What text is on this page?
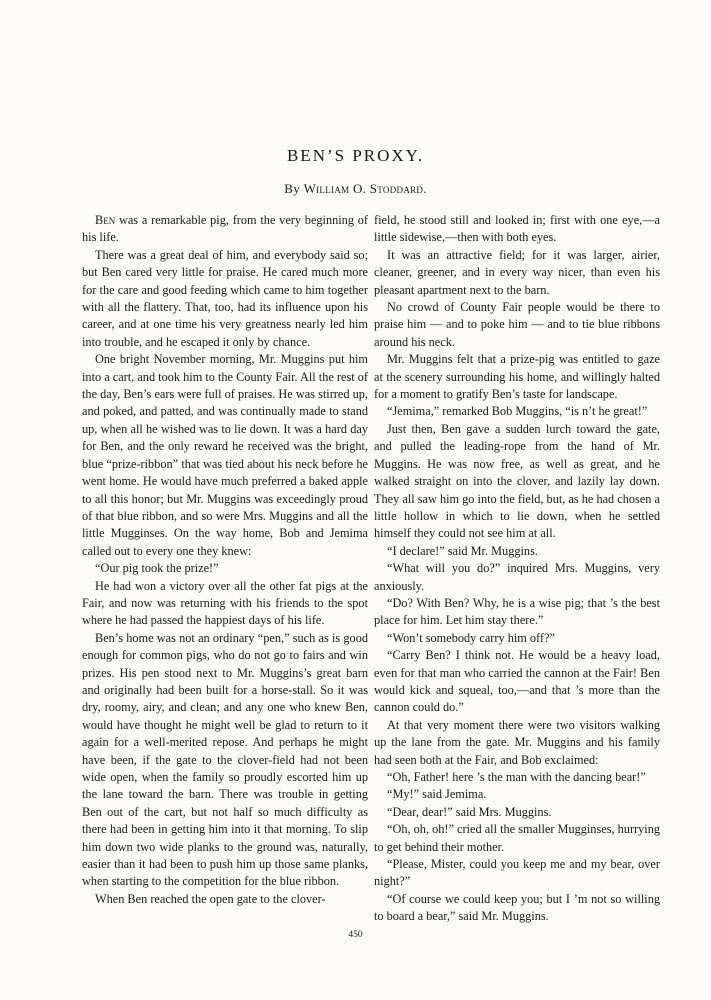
BEN’S PROXY.
By William O. Stoddard.

Ben was a remarkable pig, from the very beginning of his life.

There was a great deal of him, and everybody said so; but Ben cared very little for praise. He cared much more for the care and good feeding which came to him together with all the flattery. That, too, had its influence upon his career, and at one time his very greatness nearly led him into trouble, and he escaped it only by chance.

One bright November morning, Mr. Muggins put him into a cart, and took him to the County Fair. All the rest of the day, Ben’s ears were full of praises. He was stirred up, and poked, and patted, and was continually made to stand up, when all he wished was to lie down. It was a hard day for Ben, and the only reward he received was the bright, blue “prize-ribbon” that was tied about his neck before he went home. He would have much preferred a baked apple to all this honor; but Mr. Muggins was exceedingly proud of that blue ribbon, and so were Mrs. Muggins and all the little Mugginses. On the way home, Bob and Jemima called out to every one they knew:

“Our pig took the prize!”

He had won a victory over all the other fat pigs at the Fair, and now was returning with his friends to the spot where he had passed the happiest days of his life.

Ben’s home was not an ordinary “pen,” such as is good enough for common pigs, who do not go to fairs and win prizes. His pen stood next to Mr. Muggins’s great barn and originally had been built for a horse-stall. So it was dry, roomy, airy, and clean; and any one who knew Ben, would have thought he might well be glad to return to it again for a well-merited repose. And perhaps he might have been, if the gate to the clover-field had not been wide open, when the family so proudly escorted him up the lane toward the barn. There was trouble in getting Ben out of the cart, but not half so much difficulty as there had been in getting him into it that morning. To slip him down two wide planks to the ground was, naturally, easier than it had been to push him up those same planks, when starting to the competition for the blue ribbon.

When Ben reached the open gate to the clover-

field, he stood still and looked in; first with one eye,—a little sidewise,—then with both eyes.

It was an attractive field; for it was larger, airier, cleaner, greener, and in every way nicer, than even his pleasant apartment next to the barn.

No crowd of County Fair people would be there to praise him — and to poke him — and to tie blue ribbons around his neck.

Mr. Muggins felt that a prize-pig was entitled to gaze at the scenery surrounding his home, and willingly halted for a moment to gratify Ben’s taste for landscape.

“Jemima,” remarked Bob Muggins, “is n’t he great!”

Just then, Ben gave a sudden lurch toward the gate, and pulled the leading-rope from the hand of Mr. Muggins. He was now free, as well as great, and he walked straight on into the clover, and lazily lay down. They all saw him go into the field, but, as he had chosen a little hollow in which to lie down, when he settled himself they could not see him at all.

“I declare!” said Mr. Muggins.

“What will you do?” inquired Mrs. Muggins, very anxiously.

“Do? With Ben? Why, he is a wise pig; that ’s the best place for him. Let him stay there.”

“Won’t somebody carry him off?”

“Carry Ben? I think not. He would be a heavy load, even for that man who carried the cannon at the Fair! Ben would kick and squeal, too,—and that ’s more than the cannon could do.”

At that very moment there were two visitors walking up the lane from the gate. Mr. Muggins and his family had seen both at the Fair, and Bob exclaimed:

“Oh, Father! here ’s the man with the dancing bear!”

“My!” said Jemima.

“Dear, dear!” said Mrs. Muggins.

“Oh, oh, oh!” cried all the smaller Mugginses, hurrying to get behind their mother.

“Please, Mister, could you keep me and my bear, over night?”

“Of course we could keep you; but I ’m not so willing to board a bear,” said Mr. Muggins.

450
